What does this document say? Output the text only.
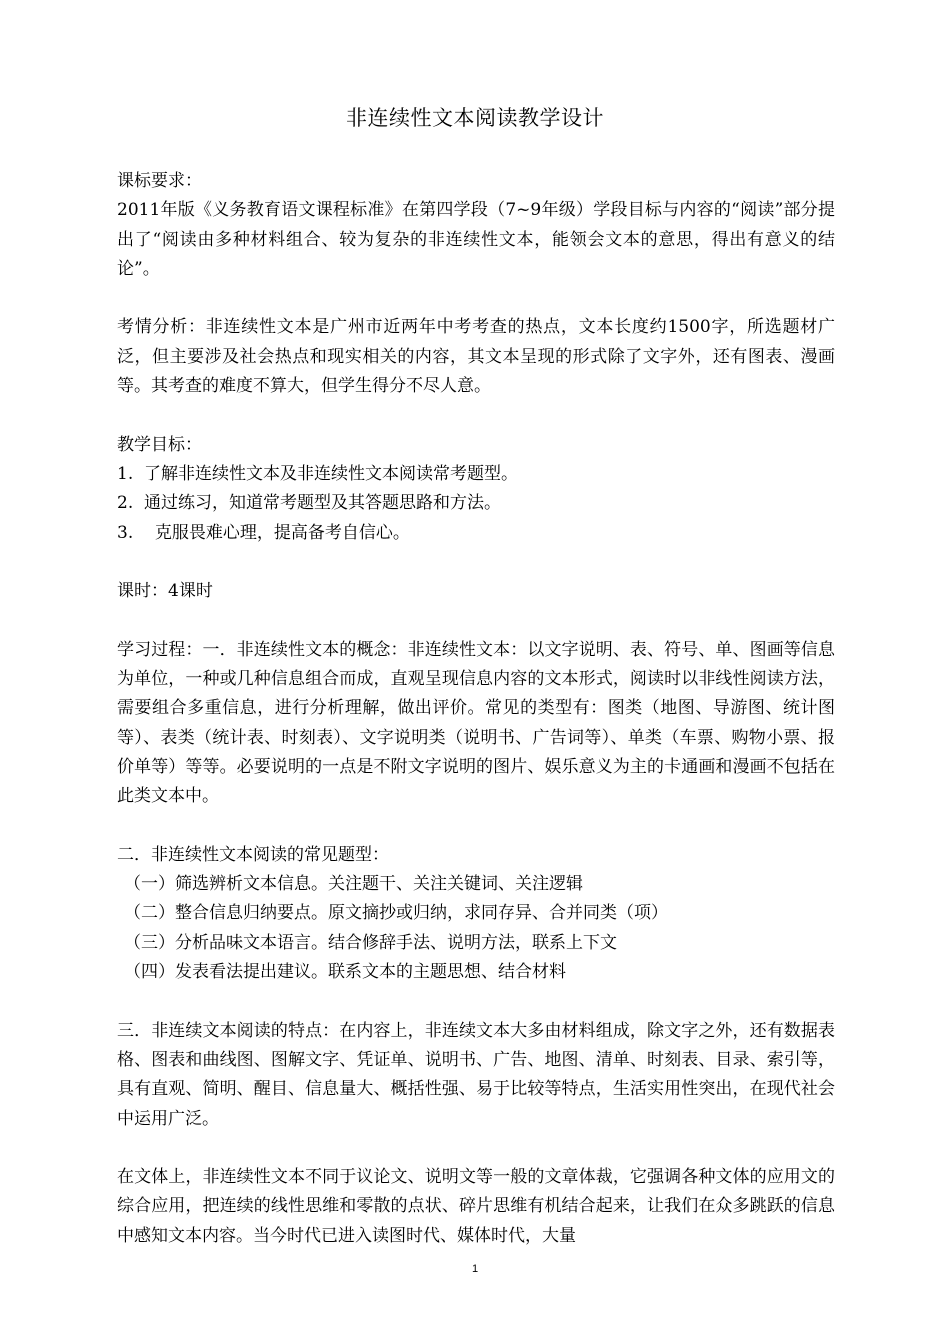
非连续性文本阅读教学设计

课标要求：

2011年版《义务教育语文课程标准》在第四学段（7~9年级）学段目标与内容的“阅读”部分提出了“阅读由多种材料组合、较为复杂的非连续性文本，能领会文本的意思，得出有意义的结论”。

考情分析：非连续性文本是广州市近两年中考考查的热点，文本长度约1500字，所选题材广泛，但主要涉及社会热点和现实相关的内容，其文本呈现的形式除了文字外，还有图表、漫画等。其考查的难度不算大，但学生得分不尽人意。

教学目标：

1.  了解非连续性文本及非连续性文本阅读常考题型。

2.  通过练习，知道常考题型及其答题思路和方法。

3.    克服畏难心理，提高备考自信心。

课时：4课时

学习过程：一．非连续性文本的概念：非连续性文本：以文字说明、表、符号、单、图画等信息为单位，一种或几种信息组合而成，直观呈现信息内容的文本形式，阅读时以非线性阅读方法，需要组合多重信息，进行分析理解，做出评价。常见的类型有：图类（地图、导游图、统计图等）、表类（统计表、时刻表）、文字说明类（说明书、广告词等）、单类（车票、购物小票、报价单等）等等。必要说明的一点是不附文字说明的图片、娱乐意义为主的卡通画和漫画不包括在此类文本中。

二．非连续性文本阅读的常见题型：

（一）筛选辨析文本信息。关注题干、关注关键词、关注逻辑

（二）整合信息归纳要点。原文摘抄或归纳，求同存异、合并同类（项）

（三）分析品味文本语言。结合修辞手法、说明方法，联系上下文

（四）发表看法提出建议。联系文本的主题思想、结合材料

三．非连续文本阅读的特点：在内容上，非连续文本大多由材料组成，除文字之外，还有数据表格、图表和曲线图、图解文字、凭证单、说明书、广告、地图、清单、时刻表、目录、索引等，具有直观、简明、醒目、信息量大、概括性强、易于比较等特点，生活实用性突出，在现代社会中运用广泛。

在文体上，非连续性文本不同于议论文、说明文等一般的文章体裁，它强调各种文体的应用文的综合应用，把连续的线性思维和零散的点状、碎片思维有机结合起来，让我们在众多跳跃的信息中感知文本内容。当今时代已进入读图时代、媒体时代，大量

1
